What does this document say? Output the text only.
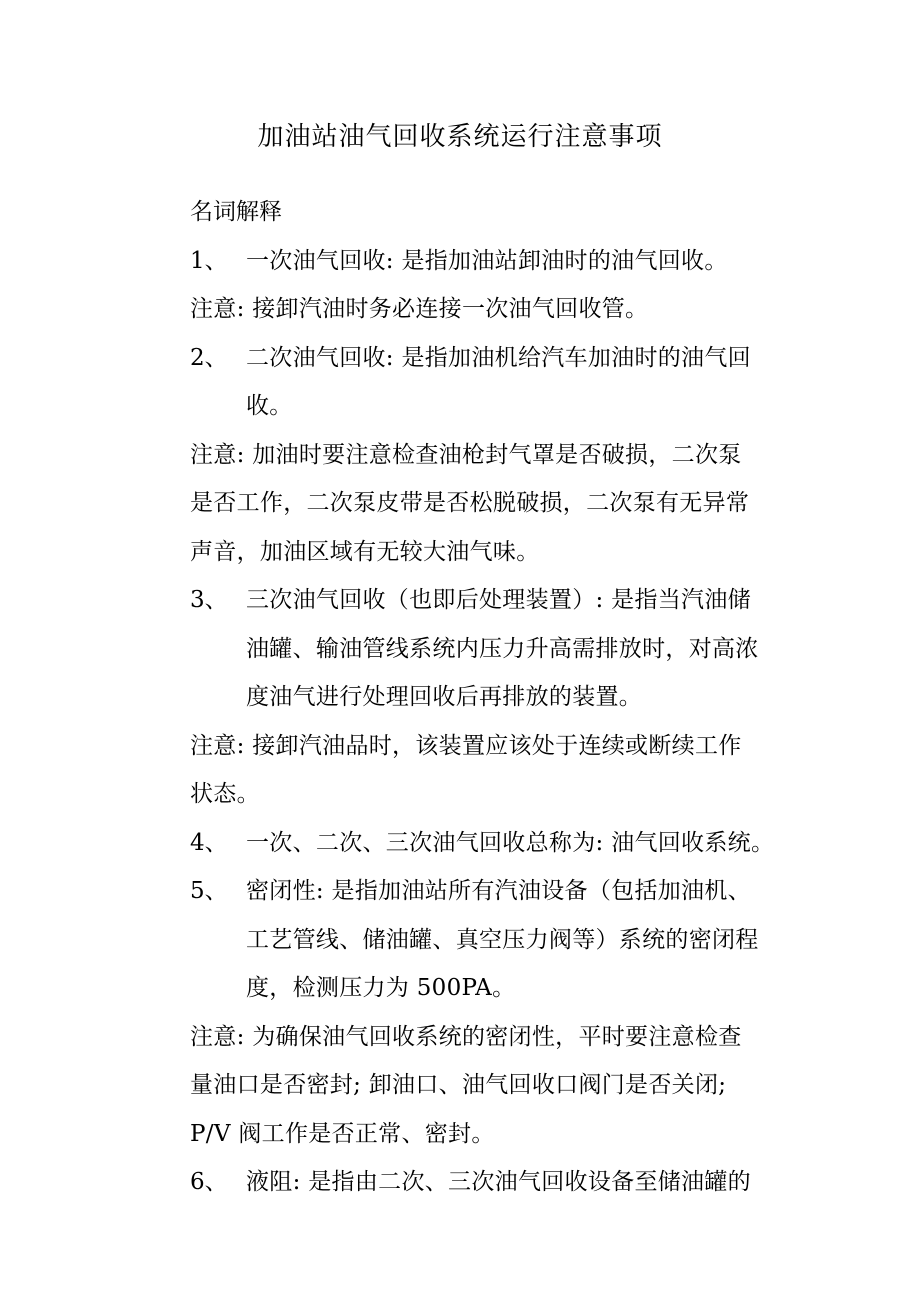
加油站油气回收系统运行注意事项
名词解释
1、 一次油气回收: 是指加油站卸油时的油气回收。
注意: 接卸汽油时务必连接一次油气回收管。
2、 二次油气回收: 是指加油机给汽车加油时的油气回
收。
注意: 加油时要注意检查油枪封气罩是否破损，二次泵
是否工作，二次泵皮带是否松脱破损，二次泵有无异常
声音，加油区域有无较大油气味。
3、 三次油气回收（也即后处理装置）: 是指当汽油储
油罐、输油管线系统内压力升高需排放时，对高浓
度油气进行处理回收后再排放的装置。
注意: 接卸汽油品时，该装置应该处于连续或断续工作
状态。
4、 一次、二次、三次油气回收总称为: 油气回收系统。
5、 密闭性: 是指加油站所有汽油设备（包括加油机、
工艺管线、储油罐、真空压力阀等）系统的密闭程
度，检测压力为 500PA。
注意: 为确保油气回收系统的密闭性，平时要注意检查
量油口是否密封; 卸油口、油气回收口阀门是否关闭;
P/V 阀工作是否正常、密封。
6、 液阻: 是指由二次、三次油气回收设备至储油罐的
